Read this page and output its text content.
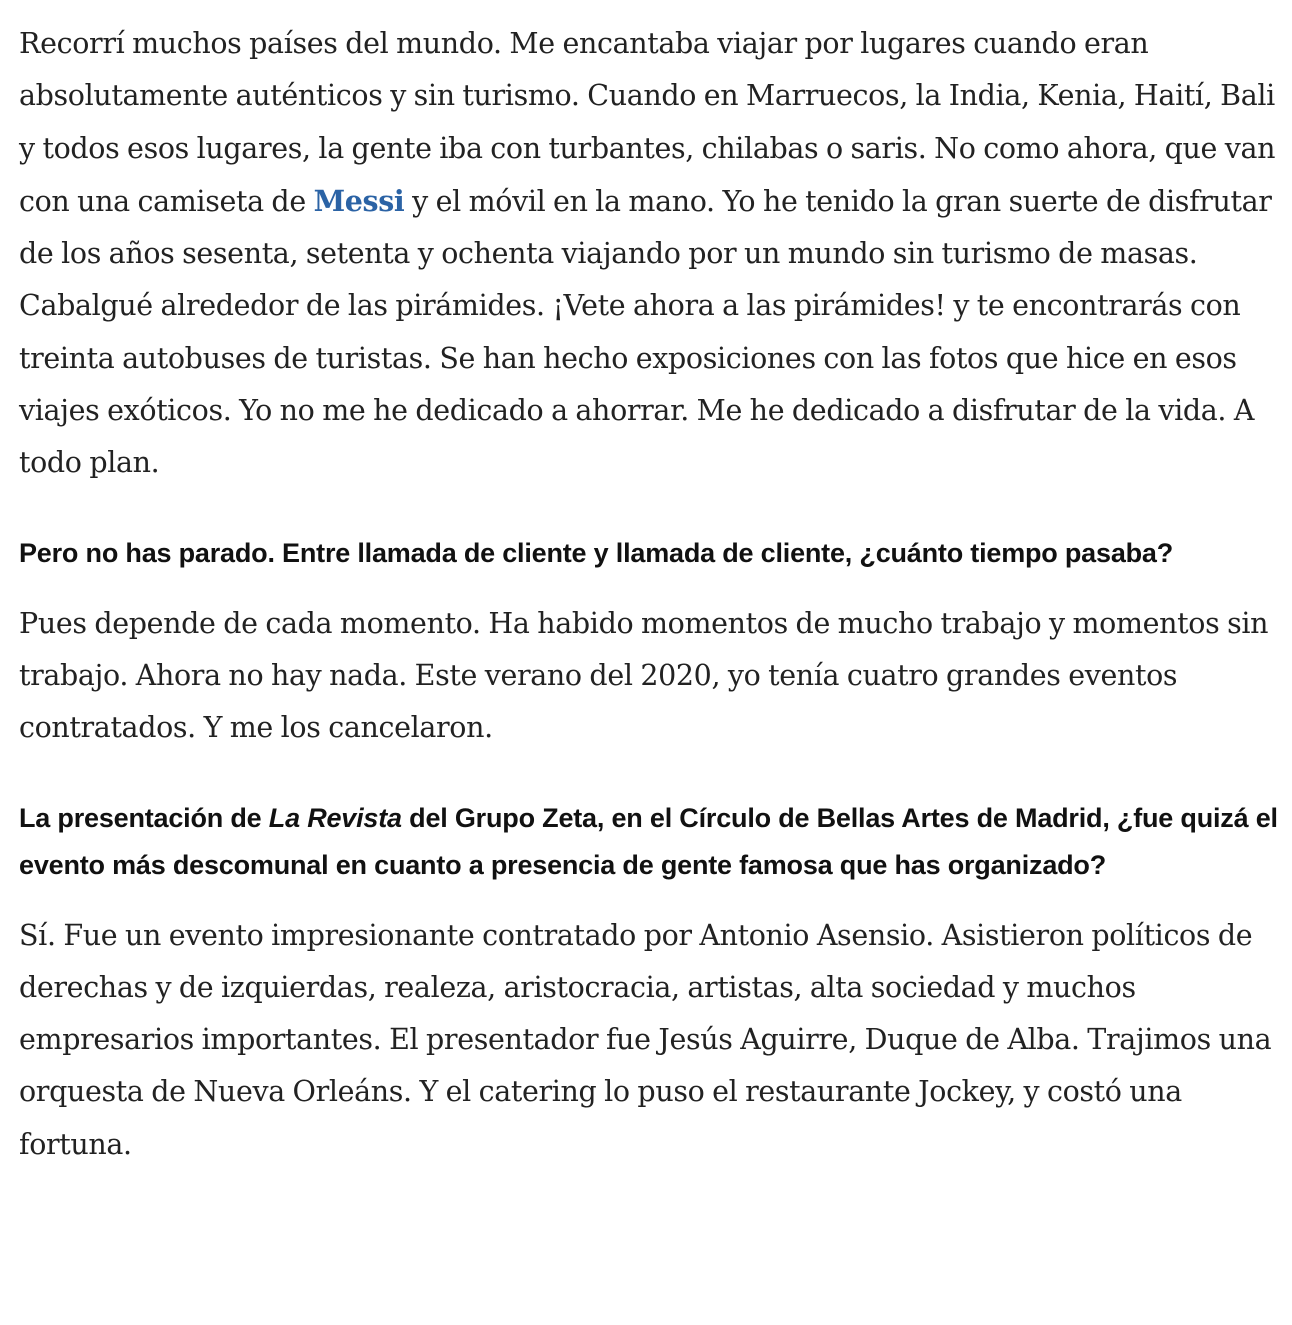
Recorrí muchos países del mundo. Me encantaba viajar por lugares cuando eran absolutamente auténticos y sin turismo. Cuando en Marruecos, la India, Kenia, Haití, Bali y todos esos lugares, la gente iba con turbantes, chilabas o saris. No como ahora, que van con una camiseta de Messi y el móvil en la mano. Yo he tenido la gran suerte de disfrutar de los años sesenta, setenta y ochenta viajando por un mundo sin turismo de masas. Cabalgué alrededor de las pirámides. ¡Vete ahora a las pirámides! y te encontrarás con treinta autobuses de turistas. Se han hecho exposiciones con las fotos que hice en esos viajes exóticos. Yo no me he dedicado a ahorrar. Me he dedicado a disfrutar de la vida. A todo plan.

Pero no has parado. Entre llamada de cliente y llamada de cliente, ¿cuánto tiempo pasaba?

Pues depende de cada momento. Ha habido momentos de mucho trabajo y momentos sin trabajo. Ahora no hay nada. Este verano del 2020, yo tenía cuatro grandes eventos contratados. Y me los cancelaron.

La presentación de La Revista del Grupo Zeta, en el Círculo de Bellas Artes de Madrid, ¿fue quizá el evento más descomunal en cuanto a presencia de gente famosa que has organizado?

Sí. Fue un evento impresionante contratado por Antonio Asensio. Asistieron políticos de derechas y de izquierdas, realeza, aristocracia, artistas, alta sociedad y muchos empresarios importantes. El presentador fue Jesús Aguirre, Duque de Alba. Trajimos una orquesta de Nueva Orleáns. Y el catering lo puso el restaurante Jockey, y costó una fortuna.
